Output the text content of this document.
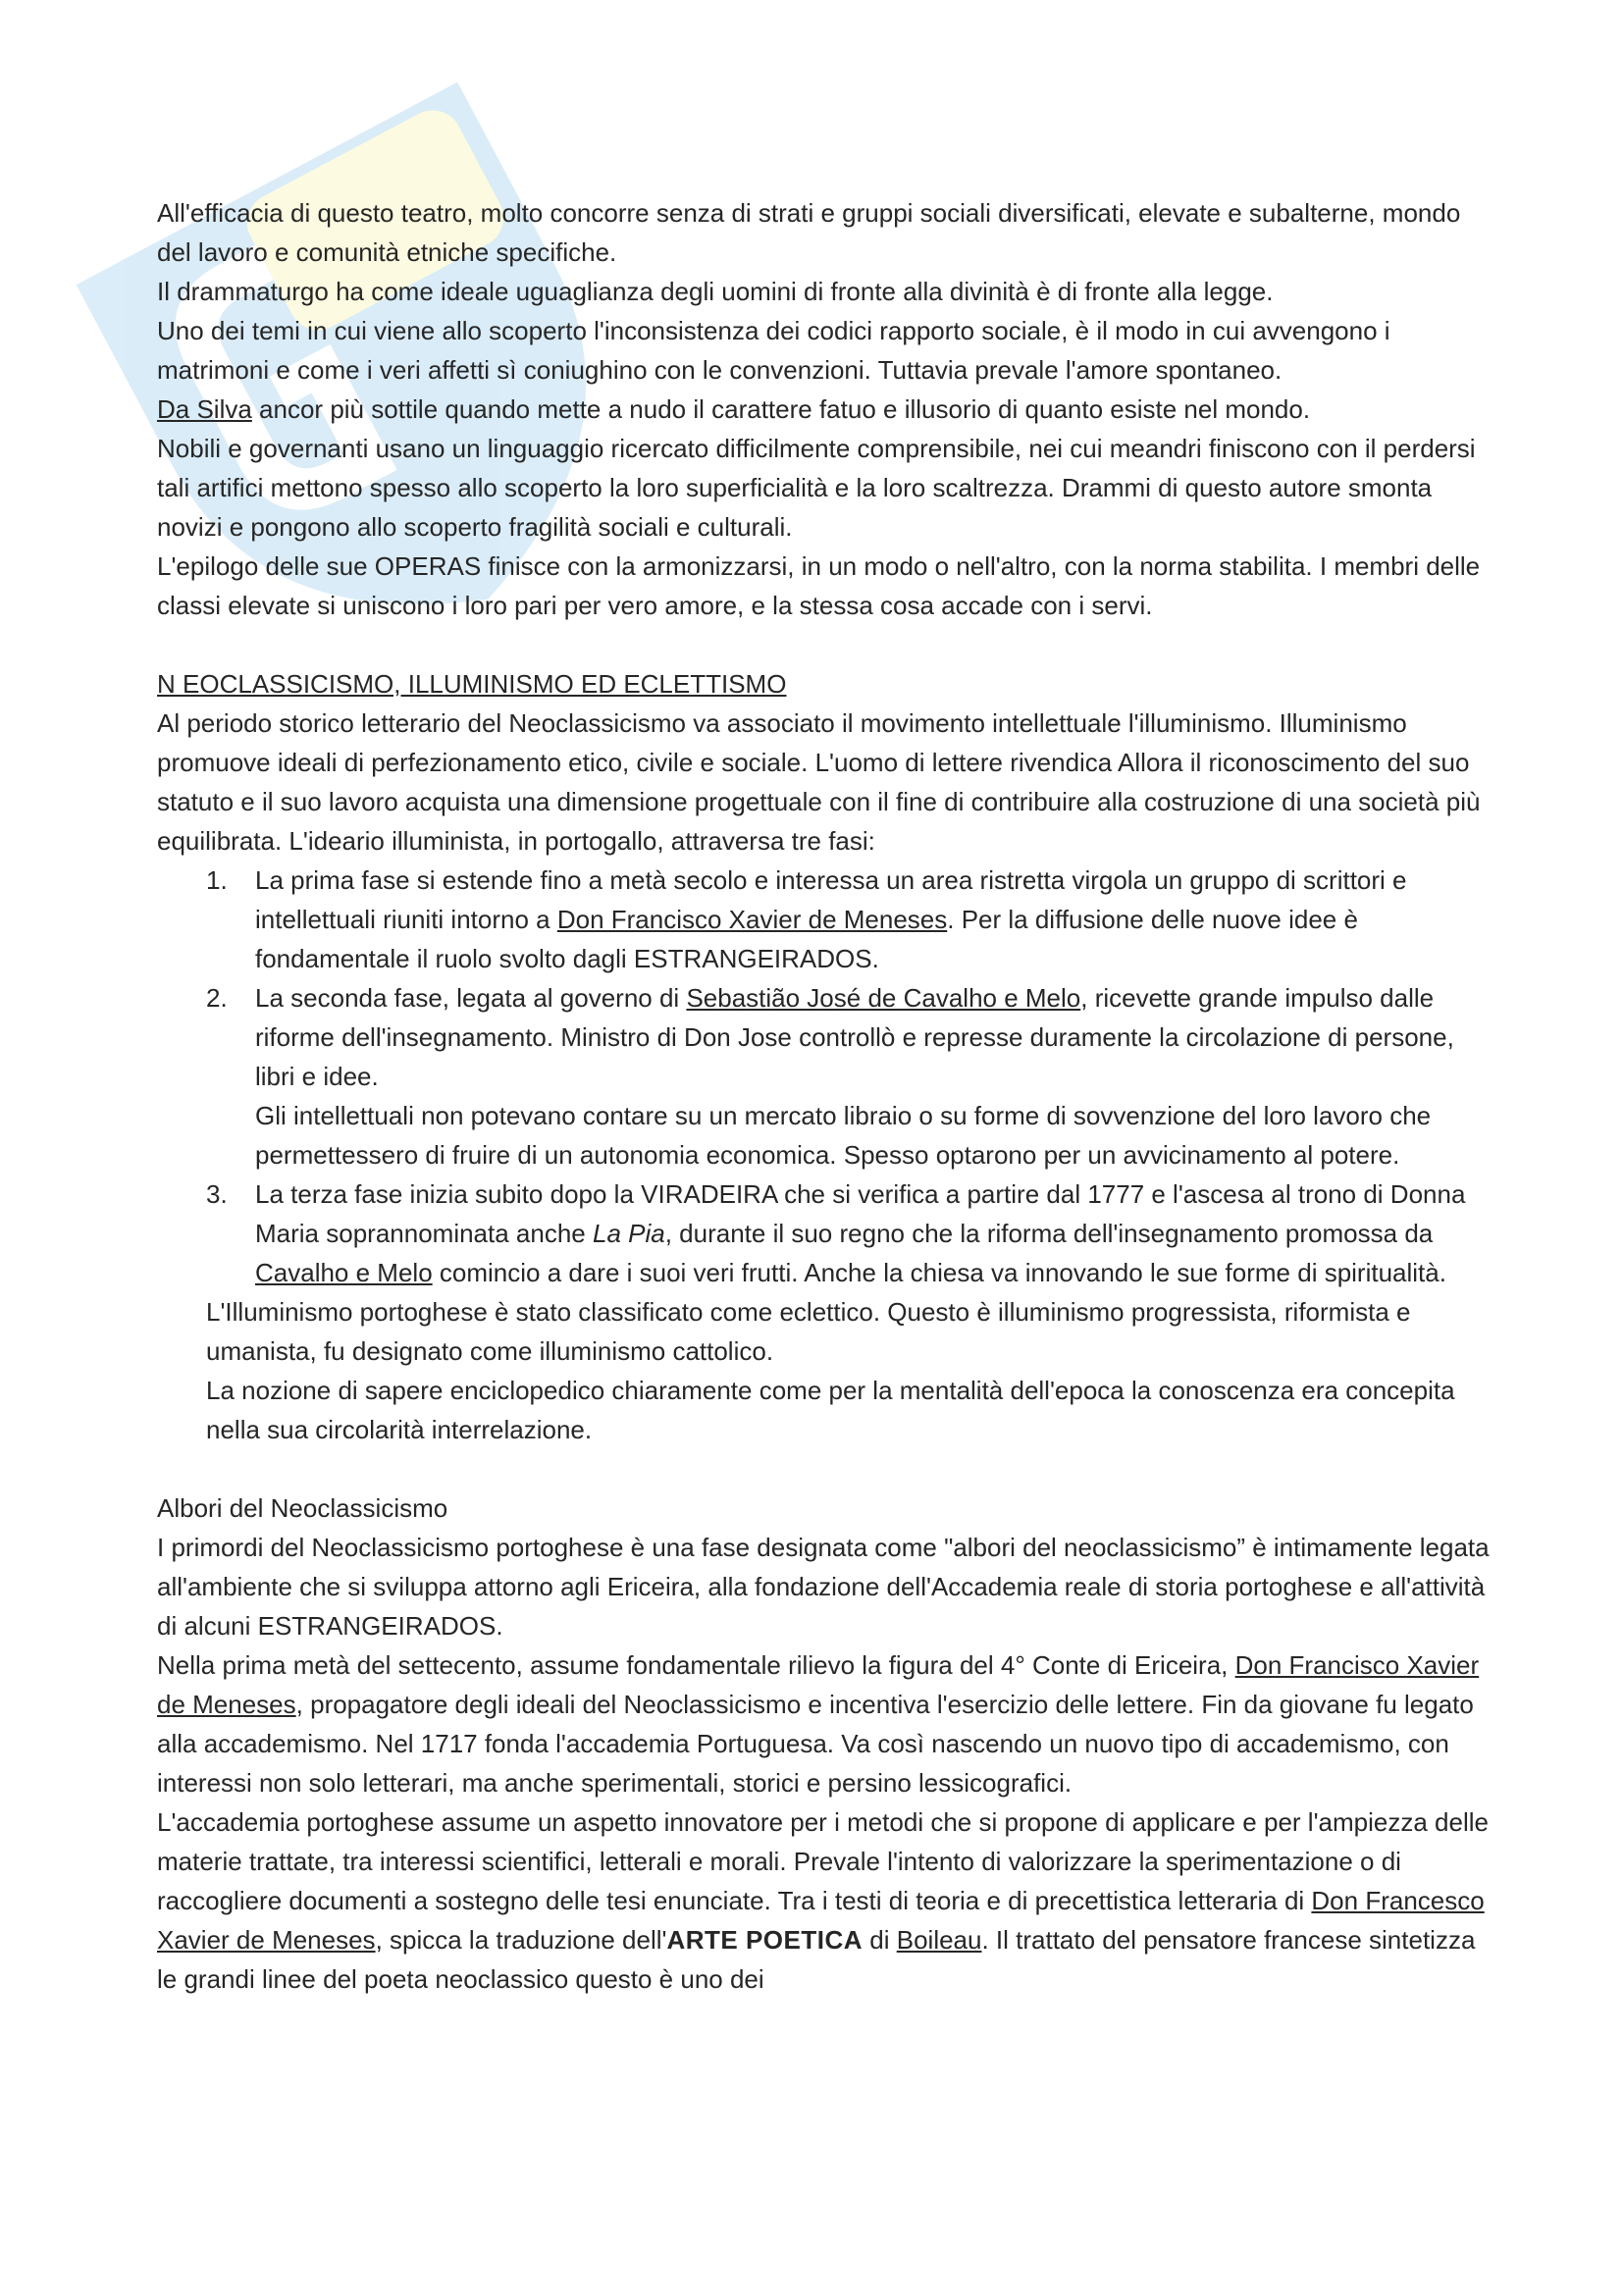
All'efficacia di questo teatro, molto concorre senza di strati e gruppi sociali diversificati, elevate e subalterne, mondo del lavoro e comunità etniche specifiche.

Il drammaturgo ha come ideale uguaglianza degli uomini di fronte alla divinità è di fronte alla legge.

Uno dei temi in cui viene allo scoperto l'inconsistenza dei codici rapporto sociale, è il modo in cui avvengono i matrimoni e come i veri affetti sì coniughino con le convenzioni. Tuttavia prevale l'amore spontaneo.

Da Silva ancor più sottile quando mette a nudo il carattere fatuo e illusorio di quanto esiste nel mondo.

Nobili e governanti usano un linguaggio ricercato difficilmente comprensibile, nei cui meandri finiscono con il perdersi tali artifici mettono spesso allo scoperto la loro superficialità e la loro scaltrezza. Drammi di questo autore smonta novizi e pongono allo scoperto fragilità sociali e culturali.

L'epilogo delle sue OPERAS finisce con la armonizzarsi, in un modo o nell'altro, con la norma stabilita. I membri delle classi elevate si uniscono i loro pari per vero amore, e la stessa cosa accade con i servi.

N EOCLASSICISMO, ILLUMINISMO ED ECLETTISMO

Al periodo storico letterario del Neoclassicismo va associato il movimento intellettuale l'illuminismo. Illuminismo promuove ideali di perfezionamento etico, civile e sociale. L'uomo di lettere rivendica Allora il riconoscimento del suo statuto e il suo lavoro acquista una dimensione progettuale con il fine di contribuire alla costruzione di una società più equilibrata. L'ideario illuminista, in portogallo, attraversa tre fasi:

1. La prima fase si estende fino a metà secolo e interessa un area ristretta virgola un gruppo di scrittori e intellettuali riuniti intorno a Don Francisco Xavier de Meneses. Per la diffusione delle nuove idee è fondamentale il ruolo svolto dagli ESTRANGEIRADOS.
2. La seconda fase, legata al governo di Sebastião José de Cavalho e Melo, ricevette grande impulso dalle riforme dell'insegnamento. Ministro di Don Jose controllò e represse duramente la circolazione di persone, libri e idee.

Gli intellettuali non potevano contare su un mercato libraio o su forme di sovvenzione del loro lavoro che permettessero di fruire di un autonomia economica. Spesso optarono per un avvicinamento al potere.

3. La terza fase inizia subito dopo la VIRADEIRA che si verifica a partire dal 1777 e l'ascesa al trono di Donna Maria soprannominata anche La Pia, durante il suo regno che la riforma dell'insegnamento promossa da Cavalho e Melo comincio a dare i suoi veri frutti. Anche la chiesa va innovando le sue forme di spiritualità.

L'Illuminismo portoghese è stato classificato come eclettico. Questo è illuminismo progressista, riformista e umanista, fu designato come illuminismo cattolico.

La nozione di sapere enciclopedico chiaramente come per la mentalità dell'epoca la conoscenza era concepita nella sua circolarità interrelazione.

Albori del Neoclassicismo

I primordi del Neoclassicismo portoghese è una fase designata come "albori del neoclassicismo” è intimamente legata all'ambiente che si sviluppa attorno agli Ericeira, alla fondazione dell'Accademia reale di storia portoghese e all'attività di alcuni ESTRANGEIRADOS.

Nella prima metà del settecento, assume fondamentale rilievo la figura del 4° Conte di Ericeira, Don Francisco Xavier de Meneses, propagatore degli ideali del Neoclassicismo e incentiva l'esercizio delle lettere. Fin da giovane fu legato alla accademismo. Nel 1717 fonda l'accademia Portuguesa. Va così nascendo un nuovo tipo di accademismo, con interessi non solo letterari, ma anche sperimentali, storici e persino lessicografici.

L'accademia portoghese assume un aspetto innovatore per i metodi che si propone di applicare e per l'ampiezza delle materie trattate, tra interessi scientifici, letterali e morali. Prevale l'intento di valorizzare la sperimentazione o di raccogliere documenti a sostegno delle tesi enunciate. Tra i testi di teoria e di precettistica letteraria di Don Francesco Xavier de Meneses, spicca la traduzione dell'ARTE POETICA di Boileau. Il trattato del pensatore francese sintetizza le grandi linee del poeta neoclassico questo è uno dei
